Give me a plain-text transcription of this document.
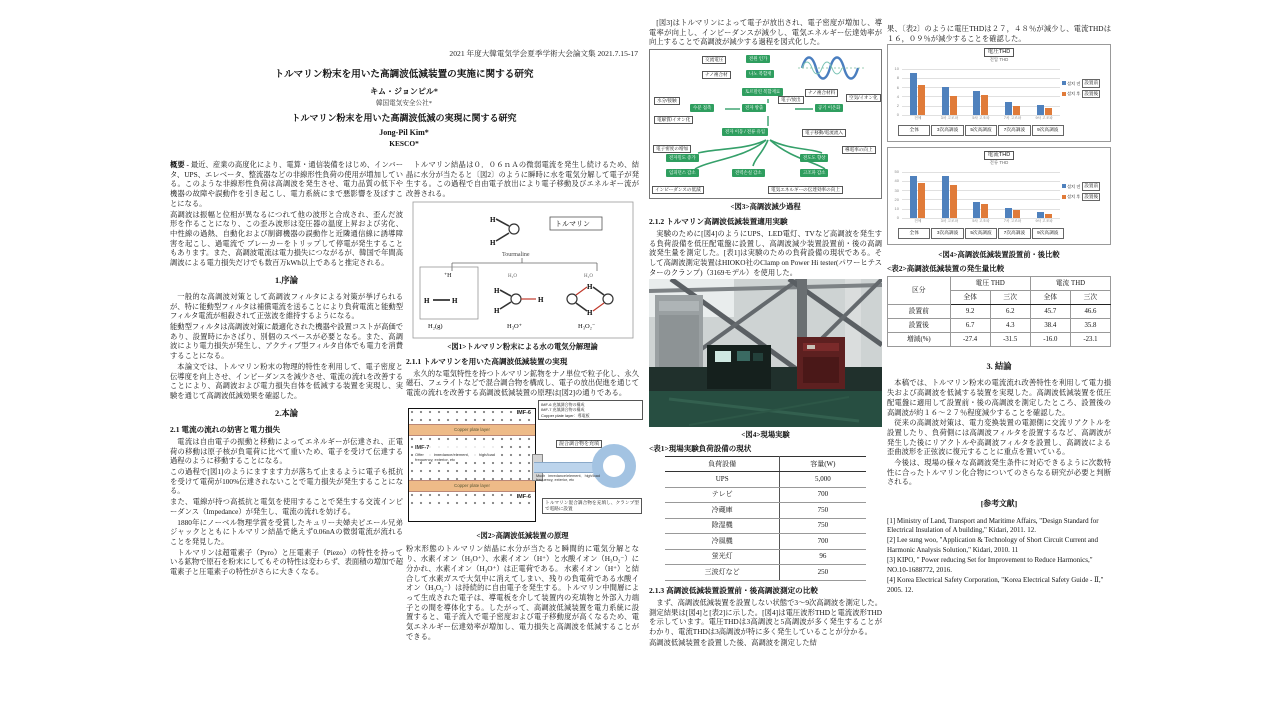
2021 年度大韓電気学会夏季学術大会論文集 2021.7.15-17
トルマリン粉末を用いた高調波低減装置の実施に関する研究
キム・ジョンピル*
韓国電気安全公社*
トルマリン粉末を用いた高調波低減の実現に関する研究
Jong-Pil Kim*
KESCO*

概要 - 最近、産業の高度化により、電算・通信装備をはじめ、インバータ、UPS、エレベータ、整流器などの非線形性負荷の使用が増加している。このような非線形性負荷は高調波を発生させ、電力品質の低下や機器の故障や誤動作を引き起こし、電力系統にまで悪影響を及ぼすことになる。

高調波は振幅と位相が異なるにつれて他の波形と合成され、歪んだ波形を作ることになり、この歪み波形は変圧器の温度上昇および劣化、中性線の過熱、自動化および制御機器の誤動作と近隣通信線に誘導障害を起こし、過電流で ブレーカーをトリップして停電が発生することもあります。また、高調波電流は電力損失につながるが、韓国で年間高調波による電力損失だけでも数百万kWh以上であると推定される。

1.序論

一般的な高調波対策として高調波フィルタによる対策が挙げられるが、特に能動型フィルタは補償電流を送ることにより負荷電流と能動型フィルタ電流が相殺されて正弦波を維持するようになる。

能動型フィルタは高調波対策に最適化された機器や設置コストが高価であり、設置時にかさばり、別個のスペースが必要となる。また、高調波により電力損失が発生し、アクティブ型フィルタ自体でも電力を消費することになる。

本論文では、トルマリン粉末の物理的特性を利用して、電子密度と伝導度を向上させ、インピーダンスを減少させ、電流の流れを改善することにより、高調波および電力損失自体を低減する装置を実現し、実験を通じて高調波低減効果を確認した。

2.本論
2.1 電流の流れの妨害と電力損失

電流は自由電子の振動と移動によってエネルギーが伝達され、正電荷の移動は原子核が負電荷に比べて重いため、電子を受けて伝達する過程のように移動することになる。

この過程で[図1]のようにますます力が落ちて止まるように電子も抵抗を受けて電荷が100%伝達されないことで電力損失が発生することになる。

また、電線が持つ高抵抗と電気を使用することで発生する交流インピーダンス（Impedance）が発生し、電流の流れを妨げる。

1880年にノーベル物理学賞を受賞したキュリー夫婦夫ピエール兄弟ジャックとともにトルマリン結晶で絶えず0.06nAの微弱電流が流れることを発見した。

トルマリンは超電素子（Pyro）と圧電素子（Piezo）の特性を持っている鉱物で原石を粉末にしてもその特性は変わらず、表面積の増加で超電素子と圧電素子の特性がさらに大きくなる。

トルマリン結晶は０．０６ｎＡの微弱電流を発生し続けるため、結晶に水分が当たると〔図2〕のように瞬時に水を電気分解して電子が発生する。この過程で自由電子放出により電子移動及びエネルギー流が改善される。

H
H
Tourmaline
トルマリン
⁺H	H₂O	H₂O
H	H
H₂(g)
H
H
H
H₃O⁺
H
H
H₃O₂⁻
<図1>トルマリン粉末による水の電気分解理論
2.1.1 トルマリンを用いた高調波低減装置の実現

永久的な電気特性を持つトルマリン鉱物をナノ単位で粒子化し、永久磁石、フェライトなどで混合調合物を構成し、電子の放出促進を通じて電流の流れを改善する高調波低減装置の原理は[図2]の通りである。

IMF-6
Copper plate layer
IMF-7
Offer imredance/element, high/load frequency, exterior, etc
Copper plate layer
IMF-6
IMF-6 充填調合物の構成
IMF-7 充填調合物の構成
Copper plate layer：導電板
混合調合物を充填
Much imredance/element, high/load frequency, exterior, etc
トルマリン混合調合物を充填し、クランプ型で電路に設置
<図2>高調波低減装置の原理

粉末形態のトルマリン結晶に水分が当たると瞬間的に電気分解となり、水素イオン（H₃O⁺）、水素イオン（H⁺）と水酸イオン（H₃O₂⁻）に分かれ、水素イオン（H₃O⁺）は正電荷である。 水素イオン（H⁺）と結合して水素ガスで大気中に消えてしまい、残りの負電荷である水酸イオン（H₃O₂⁻）は持続的に自由電子を発生する。トルマリン中間層によって生成された電子は、導電板を介して装置内の充填物と外部入力端子との間を導体化する。したがって、高調波低減装置を電力系統に設置すると、電子流入で電子密度および電子移動度が高くなるため、電気エネルギー伝達効率が増加し、電力損失と高調波を低減することができる。

[図3]はトルマリンによって電子が放出され、電子密度が増加し、導電率が向上し、インピーダンスが減少し、電気エネルギー伝達効率が向上することで高調波が減少する過程を図式化した。

交流電圧	전원 인가
ナノ複合材	나노 복합재
토르말린 복합재료	ナノ複合材料
水分/接触
수분 접촉	전자 방출
電子/放出
공기 이온화
空気/イオン化
電解質/イオン化
전자 이동 / 전류 유입	電子移動/電流流入
電子密度の増加
전자밀도 증가
임피던스 감소	전력손실 감소
전도도 향상
導電率の向上
고조파 감소
インピーダンスの低減	電気エネルギーの伝達効率の向上
<図3>高調波減少過程
2.1.2 トルマリン高調波低減装置適用実験

実験のために[図4]のようにUPS、LED電灯、TVなど高調波を発生する負荷設備を低圧配電盤に設置し、高調波減少装置設置前・後の高調波発生量を測定した。[表1]は実験のための負荷設備の現状である。そして高調波測定装置はHIOKO社のClamp on Power Hi tester(パワーヒテスターのクランプ)（3169モデル）を使用した。

<図4>現場実験
<表1>現場実験負荷設備の現状
負荷設備	容量(W)
UPS	5,000
テレビ	700
冷蔵庫	750
除湿機	750
冷風機	700
蛍光灯	96
三波灯など	250
2.1.3 高調波低減装置設置前・後高調波測定の比較

まず、高調波低減装置を設置しない状態で3～9次高調波を測定した。測定結果は[図4]と[表2]に示した。[図4]は電圧波形THDと電流波形THDを示しています。電圧THDは3高調波と5高調波が多く発生することがわかり、電流THDは3高調波が特に多く発生していることが分かる。

高調波低減装置を設置した後、高調波を測定した結

果、〔表2〕のように電圧THDは２７，４８％が減少し、電流THDは１６，０９％が減少することを確認した。

電圧THD
전압 THD
0
2
4
6
8
10
전체	3차 고조파	5차 고조파	7차 고조파	9차 고조파
全体	3次高調波	5次高調波	7次高調波	9次高調波
설치 전 設置前
설치 후 設置後
電流THD
전류 THD
0
10
20
30
40
50
전체	3차 고조파	5차 고조파	7차 고조파	9차 고조파
全体	3次高調波	5次高調波	7次高調波	9次高調波
설치 전 設置前
설치 후 設置後
<図4>高調波低減装置設置前・後比較
<表2>高調波低減装置の発生量比較
区分	電圧 THD		電流 THD	
	全体	三次	全体	三次
設置前	9.2	6.2	45.7	46.6
設置後	6.7	4.3	38.4	35.8
増減(%)	-27.4	-31.5	-16.0	-23.1
3. 結論

本稿では、トルマリン粉末の電流流れ改善特性を利用して電力損失および高調波を低減する装置を実現した。高調波低減装置を低圧配電盤に適用して設置前・後の高調波を測定したところ、設置後の高調波が約１６～２７％程度減少することを確認した。

従来の高調波対策は、電力変換装置の電源側に交流リアクトルを設置したり、負荷側には高調波フィルタを設置するなど、高調波が発生した後にリアクトルや高調波フィルタを設置し、高調波による歪曲波形を正弦波に復元することに重点を置いている。

今後は、現場の様々な高調波発生条件に対応できるように次数特性に合ったトルマリン化合物についてのさらなる研究が必要と判断される。

[参考文献]
[1] Ministry of Land, Transport and Maritime Affairs, "Design Standard for Electrical Insulation of A building," Kidari, 2011. 12.
[2] Lee sung woo, "Application & Technology of Short Circuit Current and Harmonic Analysis Solution," Kidari, 2010. 11
[3] KIPO, " Power reducing Set for Improvement to Reduce Harmonics," NO.10-1688772, 2016.
[4] Korea Electrical Safety Corporation, "Korea Electrical Safety Guide - Ⅱ," 2005. 12.
